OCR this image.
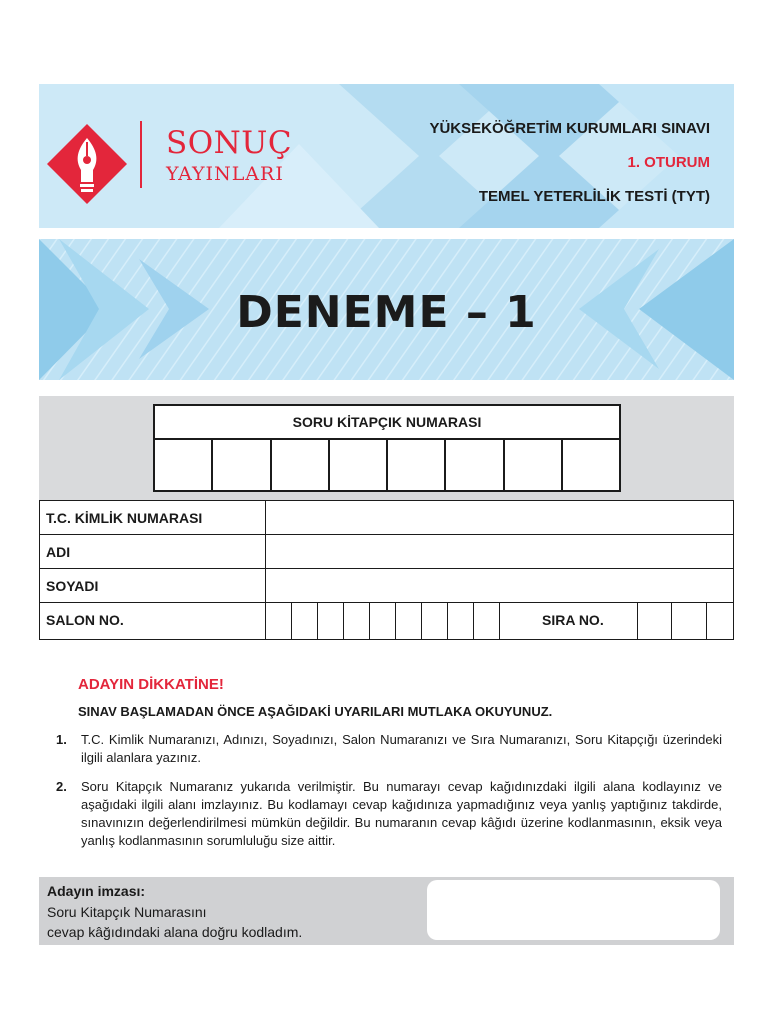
SONUÇ
YAYINLARI
YÜKSEKÖĞRETİM KURUMLARI SINAVI
1. OTURUM
TEMEL YETERLİLİK TESTİ (TYT)
DENEME – 1
SORU KİTAPÇIK NUMARASI
T.C. KİMLİK NUMARASI
ADI
SOYADI
SALON NO.	SIRA NO.
ADAYIN DİKKATİNE!
SINAV BAŞLAMADAN ÖNCE AŞAĞIDAKİ UYARILARI MUTLAKA OKUYUNUZ.
1. T.C. Kimlik Numaranızı, Adınızı, Soyadınızı, Salon Numaranızı ve Sıra Numaranızı, Soru Kitapçığı üzerindeki ilgili alanlara yazınız.
2. Soru Kitapçık Numaranız yukarıda verilmiştir. Bu numarayı cevap kağıdınızdaki ilgili alana kodlayınız ve aşağıdaki ilgili alanı imzlayınız. Bu kodlamayı cevap kağıdınıza yapmadığınız veya yanlış yaptığınız takdirde, sınavınızın değerlendirilmesi mümkün değildir. Bu numaranın cevap kâğıdı üzerine kodlanmasının, eksik veya yanlış kodlanmasının sorumluluğu size aittir.
Adayın imzası:
Soru Kitapçık Numarasını
cevap kâğıdındaki alana doğru kodladım.
